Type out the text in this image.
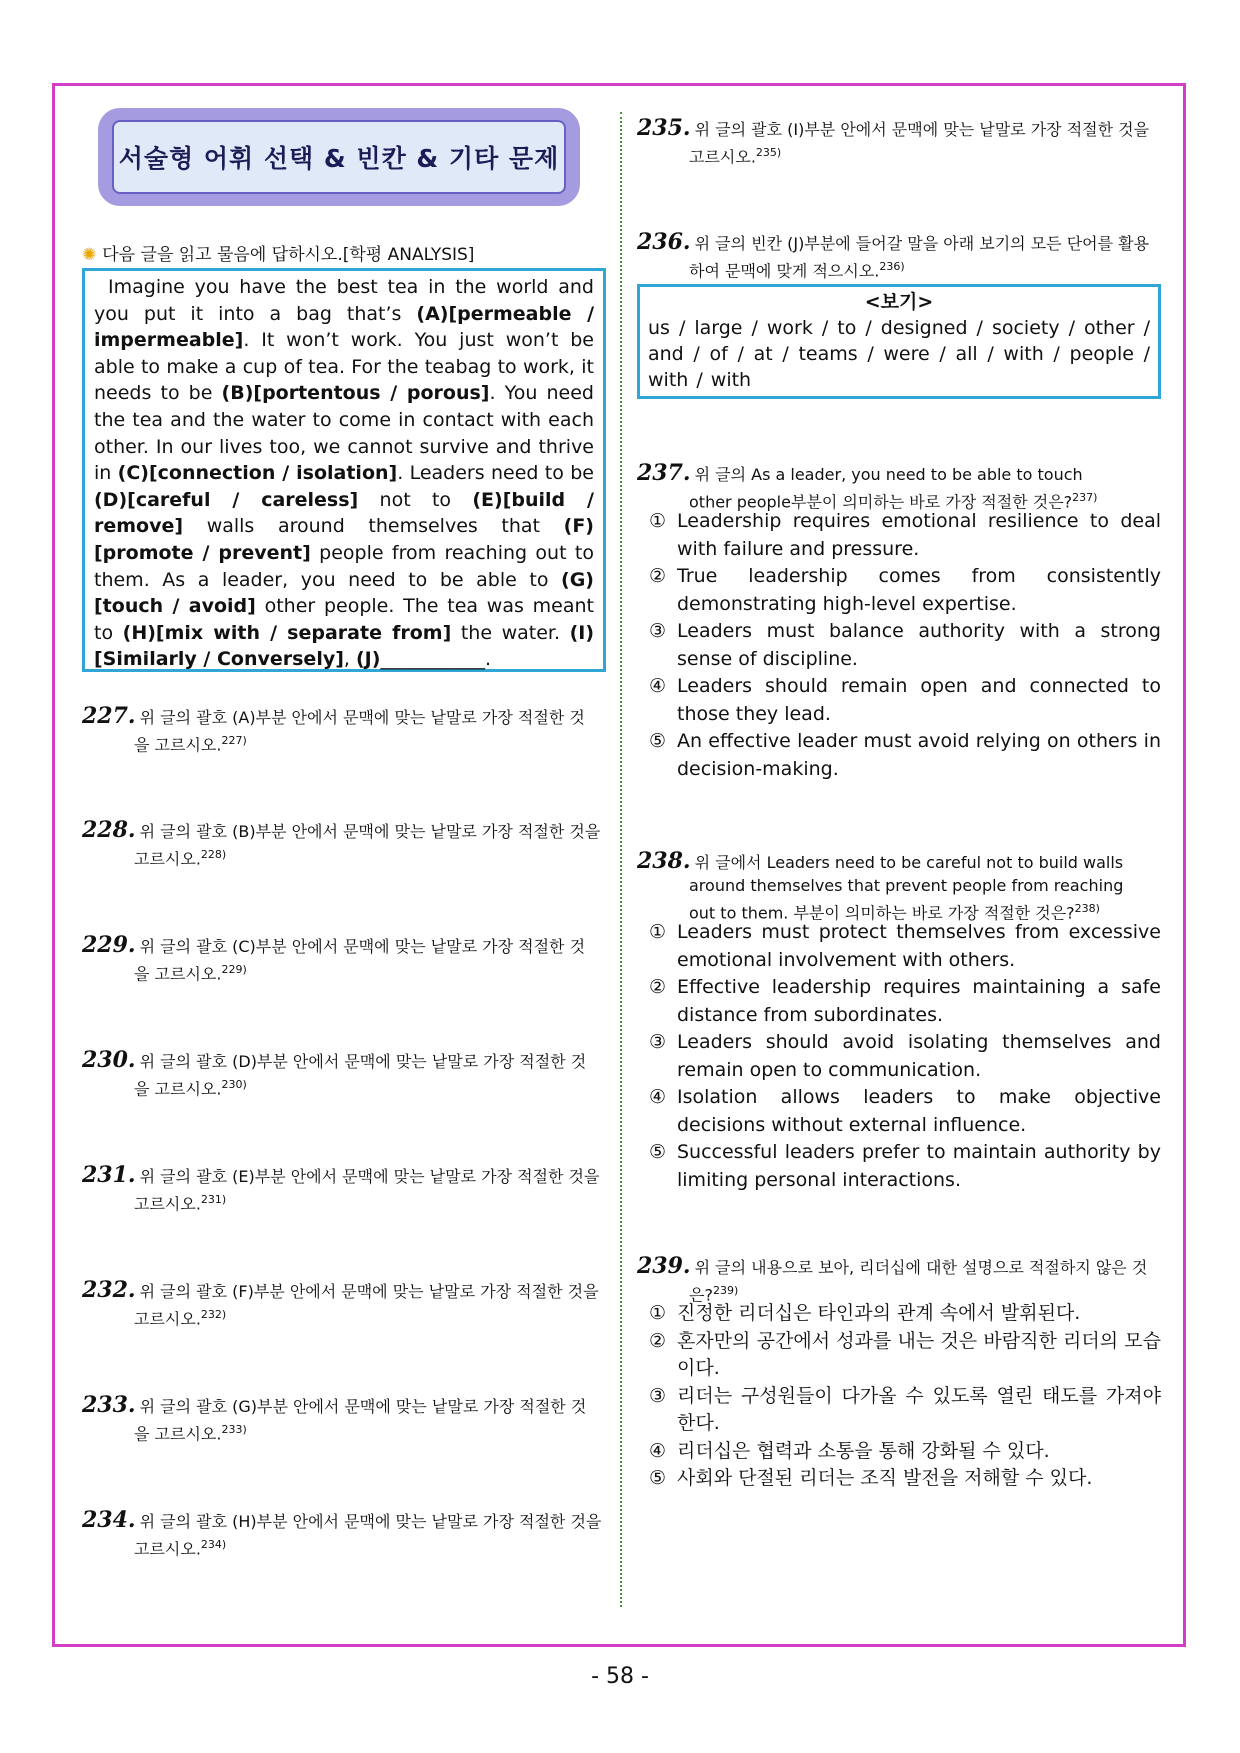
서술형 어휘 선택 & 빈칸 & 기타 문제
✺ 다음 글을 읽고 물음에 답하시오.[학평 ANALYSIS]

Imagine you have the best tea in the world and you put it into a bag that’s (A)[permeable / impermeable]. It won’t work. You just won’t be able to make a cup of tea. For the teabag to work, it needs to be (B)[portentous / porous]. You need the tea and the water to come in contact with each other. In our lives too, we cannot survive and thrive in (C)[connection / isolation]. Leaders need to be (D)[careful / careless] not to (E)[build / remove] walls around themselves that (F)[promote / prevent] people from reaching out to them. As a leader, you need to be able to (G)[touch / avoid] other people. The tea was meant to (H)[mix with / separate from] the water. (I)[Similarly / Conversely], (J)___________.

227. 위 글의 괄호 (A)부분 안에서 문맥에 맞는 낱말로 가장 적절한 것
을 고르시오.$^{227)}$
228. 위 글의 괄호 (B)부분 안에서 문맥에 맞는 낱말로 가장 적절한 것을
고르시오.$^{228)}$
229. 위 글의 괄호 (C)부분 안에서 문맥에 맞는 낱말로 가장 적절한 것
을 고르시오.$^{229)}$
230. 위 글의 괄호 (D)부분 안에서 문맥에 맞는 낱말로 가장 적절한 것
을 고르시오.$^{230)}$
231. 위 글의 괄호 (E)부분 안에서 문맥에 맞는 낱말로 가장 적절한 것을
고르시오.$^{231)}$
232. 위 글의 괄호 (F)부분 안에서 문맥에 맞는 낱말로 가장 적절한 것을
고르시오.$^{232)}$
233. 위 글의 괄호 (G)부분 안에서 문맥에 맞는 낱말로 가장 적절한 것
을 고르시오.$^{233)}$
234. 위 글의 괄호 (H)부분 안에서 문맥에 맞는 낱말로 가장 적절한 것을
고르시오.$^{234)}$
235. 위 글의 괄호 (I)부분 안에서 문맥에 맞는 낱말로 가장 적절한 것을
고르시오.$^{235)}$
236. 위 글의 빈칸 (J)부분에 들어갈 말을 아래 보기의 모든 단어를 활용
하여 문맥에 맞게 적으시오.$^{236)}$
<보기>
us / large / work / to / designed / society / other / and / of / at / teams / were / all / with / people / with / with
237. 위 글의 As a leader, you need to be able to touch
other people부분이 의미하는 바로 가장 적절한 것은?$^{237)}$
① Leadership requires emotional resilience to deal with failure and pressure.
② True leadership comes from consistently demonstrating high-level expertise.
③ Leaders must balance authority with a strong sense of discipline.
④ Leaders should remain open and connected to those they lead.
⑤ An effective leader must avoid relying on others in decision-making.
238. 위 글에서 Leaders need to be careful not to build walls
around themselves that prevent people from reaching
out to them. 부분이 의미하는 바로 가장 적절한 것은?$^{238)}$
① Leaders must protect themselves from excessive emotional involvement with others.
② Effective leadership requires maintaining a safe distance from subordinates.
③ Leaders should avoid isolating themselves and remain open to communication.
④ Isolation allows leaders to make objective decisions without external influence.
⑤ Successful leaders prefer to maintain authority by limiting personal interactions.
239. 위 글의 내용으로 보아, 리더십에 대한 설명으로 적절하지 않은 것
은?$^{239)}$
① 진정한 리더십은 타인과의 관계 속에서 발휘된다.
② 혼자만의 공간에서 성과를 내는 것은 바람직한 리더의 모습이다.
③ 리더는 구성원들이 다가올 수 있도록 열린 태도를 가져야 한다.
④ 리더십은 협력과 소통을 통해 강화될 수 있다.
⑤ 사회와 단절된 리더는 조직 발전을 저해할 수 있다.
- 58 -
